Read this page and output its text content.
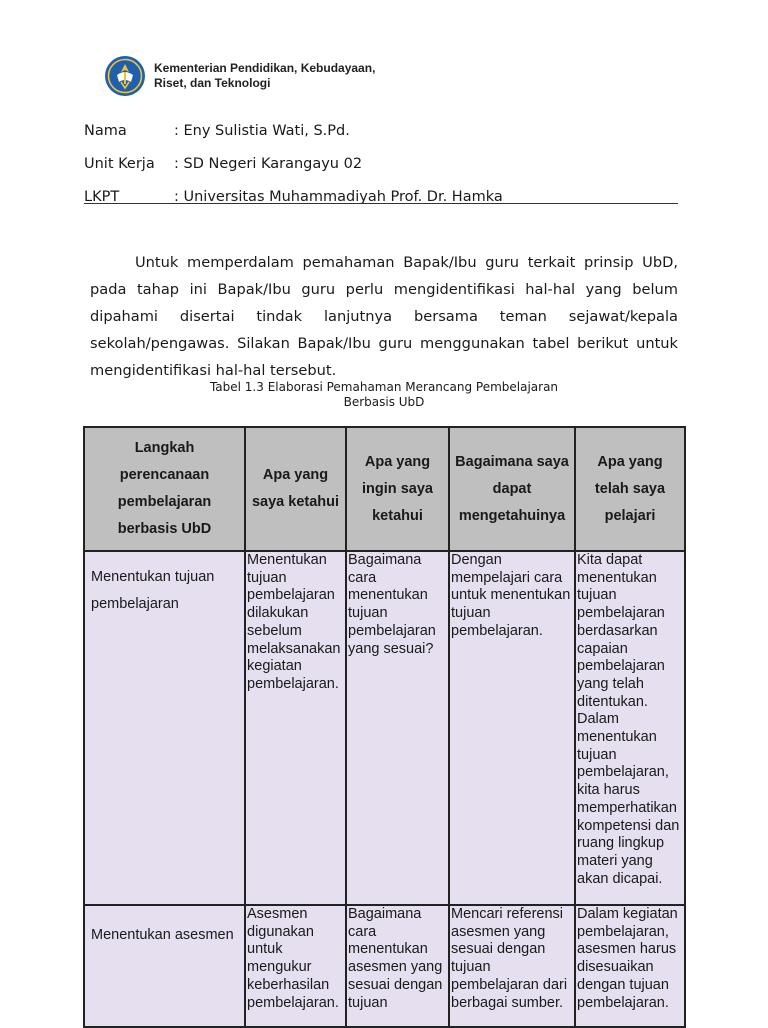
Kementerian Pendidikan, Kebudayaan,
Riset, dan Teknologi
Nama	: Eny Sulistia Wati, S.Pd.
Unit Kerja	: SD Negeri Karangayu 02
LKPT	: Universitas Muhammadiyah Prof. Dr. Hamka

Untuk memperdalam pemahaman Bapak/Ibu guru terkait prinsip UbD, pada tahap ini Bapak/Ibu guru perlu mengidentifikasi hal-hal yang belum dipahami disertai tindak lanjutnya bersama teman sejawat/kepala sekolah/pengawas. Silakan Bapak/Ibu guru menggunakan tabel berikut untuk mengidentifikasi hal-hal tersebut.

Tabel 1.3 Elaborasi Pemahaman Merancang Pembelajaran
Berbasis UbD
Langkah perencanaan pembelajaran berbasis UbD	Apa yang saya ketahui	Apa yang ingin saya ketahui	Bagaimana saya dapat mengetahuinya	Apa yang telah saya pelajari
Menentukan tujuan pembelajaran	Menentukan tujuan pembelajaran dilakukan sebelum melaksanakan kegiatan pembelajaran.	Bagaimana cara menentukan tujuan pembelajaran yang sesuai?	Dengan mempelajari cara untuk menentukan tujuan pembelajaran.	Kita dapat menentukan tujuan pembelajaran berdasarkan capaian pembelajaran yang telah ditentukan. Dalam menentukan tujuan pembelajaran, kita harus memperhatikan kompetensi dan ruang lingkup materi yang akan dicapai.
Menentukan asesmen	Asesmen digunakan untuk mengukur keberhasilan pembelajaran.	Bagaimana cara menentukan asesmen yang sesuai dengan tujuan	Mencari referensi asesmen yang sesuai dengan tujuan pembelajaran dari berbagai sumber.	Dalam kegiatan pembelajaran, asesmen harus disesuaikan dengan tujuan pembelajaran.
